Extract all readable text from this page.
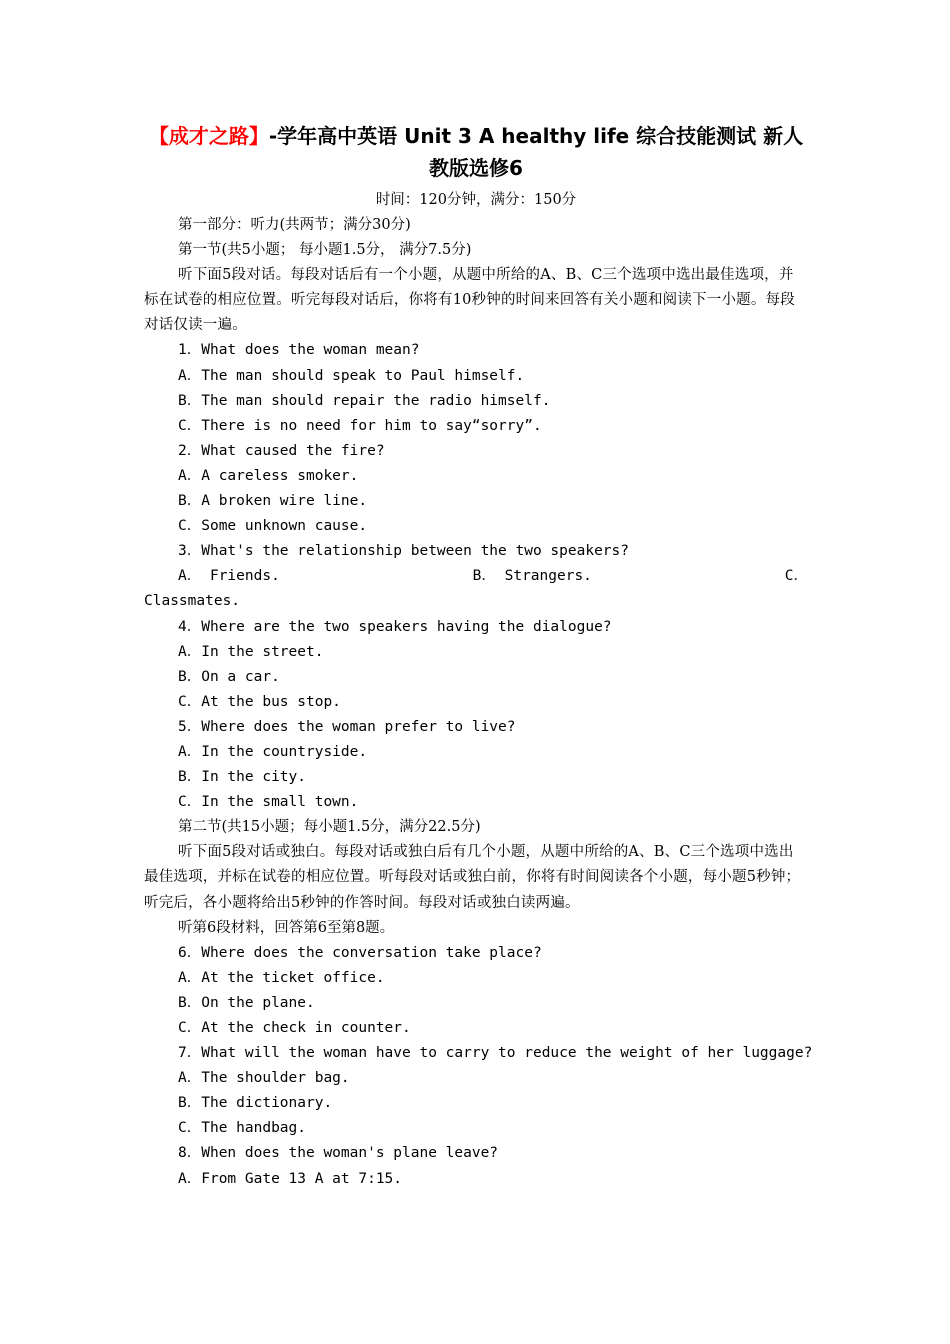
【成才之路】-学年高中英语 Unit 3 A healthy life 综合技能测试 新人教版选修6
时间：120分钟，满分：150分
第一部分：听力(共两节；满分30分)
第一节(共5小题； 每小题1.5分， 满分7.5分)
听下面5段对话。每段对话后有一个小题，从题中所给的A、B、C三个选项中选出最佳选项，并标在试卷的相应位置。听完每段对话后，你将有10秒钟的时间来回答有关小题和阅读下一小题。每段对话仅读一遍。
1．What does the woman mean?
A．The man should speak to Paul himself.
B．The man should repair the radio himself.
C．There is no need for him to say“sorry”.
2．What caused the fire?
A．A careless smoker.
B．A broken wire line.
C．Some unknown cause.
3．What's the relationship between the two speakers?
A． Friends.	B． Strangers.	C．
Classmates.
4．Where are the two speakers having the dialogue?
A．In the street.
B．On a car.
C．At the bus stop.
5．Where does the woman prefer to live?
A．In the countryside.
B．In the city.
C．In the small town.
第二节(共15小题；每小题1.5分，满分22.5分)
听下面5段对话或独白。每段对话或独白后有几个小题，从题中所给的A、B、C三个选项中选出最佳选项，并标在试卷的相应位置。听每段对话或独白前，你将有时间阅读各个小题，每小题5秒钟；听完后，各小题将给出5秒钟的作答时间。每段对话或独白读两遍。
听第6段材料，回答第6至第8题。
6．Where does the conversation take place?
A．At the ticket office.
B．On the plane.
C．At the check in counter.
7．What will the woman have to carry to reduce the weight of her luggage?
A．The shoulder bag.
B．The dictionary.
C．The handbag.
8．When does the woman's plane leave?
A．From Gate 13 A at 7:15.
